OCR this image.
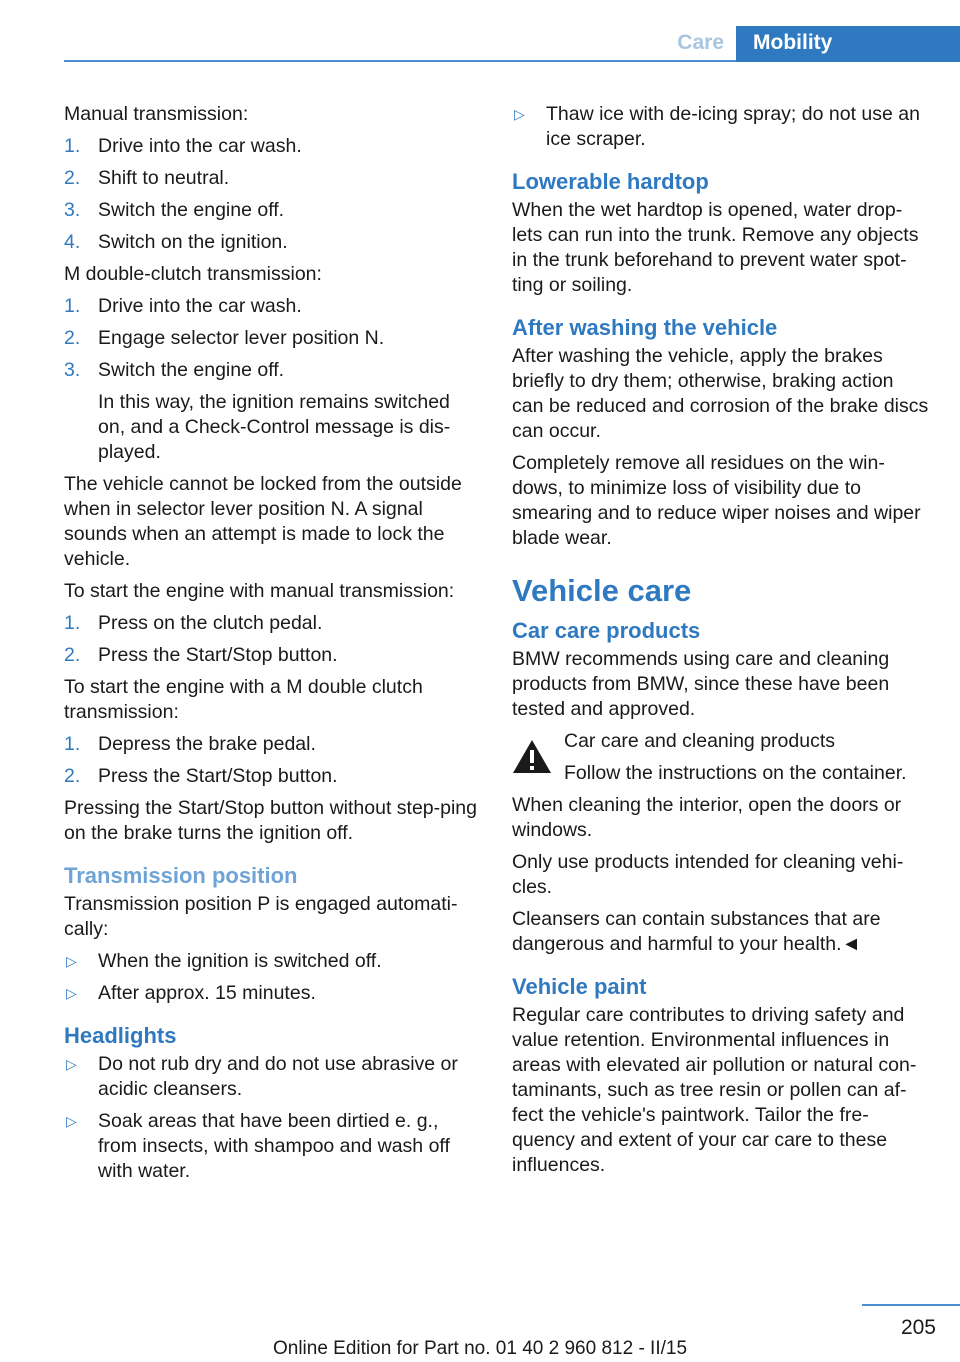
Care	Mobility

Manual transmission:

1. Drive into the car wash.
2. Shift to neutral.
3. Switch the engine off.
4. Switch on the ignition.

M double-clutch transmission:

1. Drive into the car wash.
2. Engage selector lever position N.
3. Switch the engine off.
In this way, the ignition remains switched on, and a Check-Control message is dis‐played.

The vehicle cannot be locked from the outside when in selector lever position N. A signal sounds when an attempt is made to lock the vehicle.

To start the engine with manual transmission:

1. Press on the clutch pedal.
2. Press the Start/Stop button.

To start the engine with a M double clutch transmission:

1. Depress the brake pedal.
2. Press the Start/Stop button.

Pressing the Start/Stop button without step‐ping on the brake turns the ignition off.

Transmission position

Transmission position P is engaged automati‐cally:

▷ When the ignition is switched off.
▷ After approx. 15 minutes.
Headlights
▷ Do not rub dry and do not use abrasive or acidic cleansers.
▷ Soak areas that have been dirtied e. g., from insects, with shampoo and wash off with water.
▷ Thaw ice with de-icing spray; do not use an ice scraper.
Lowerable hardtop

When the wet hardtop is opened, water drop‐lets can run into the trunk. Remove any objects in the trunk beforehand to prevent water spot‐ting or soiling.

After washing the vehicle

After washing the vehicle, apply the brakes briefly to dry them; otherwise, braking action can be reduced and corrosion of the brake discs can occur.

Completely remove all residues on the win‐dows, to minimize loss of visibility due to smearing and to reduce wiper noises and wiper blade wear.

Vehicle care
Car care products

BMW recommends using care and cleaning products from BMW, since these have been tested and approved.

Car care and cleaning products

Follow the instructions on the container.

When cleaning the interior, open the doors or windows.

Only use products intended for cleaning vehi‐cles.

Cleansers can contain substances that are dangerous and harmful to your health.◄

Vehicle paint

Regular care contributes to driving safety and value retention. Environmental influences in areas with elevated air pollution or natural con‐taminants, such as tree resin or pollen can af‐fect the vehicle's paintwork. Tailor the fre‐quency and extent of your car care to these influences.

205
Online Edition for Part no. 01 40 2 960 812 - II/15
